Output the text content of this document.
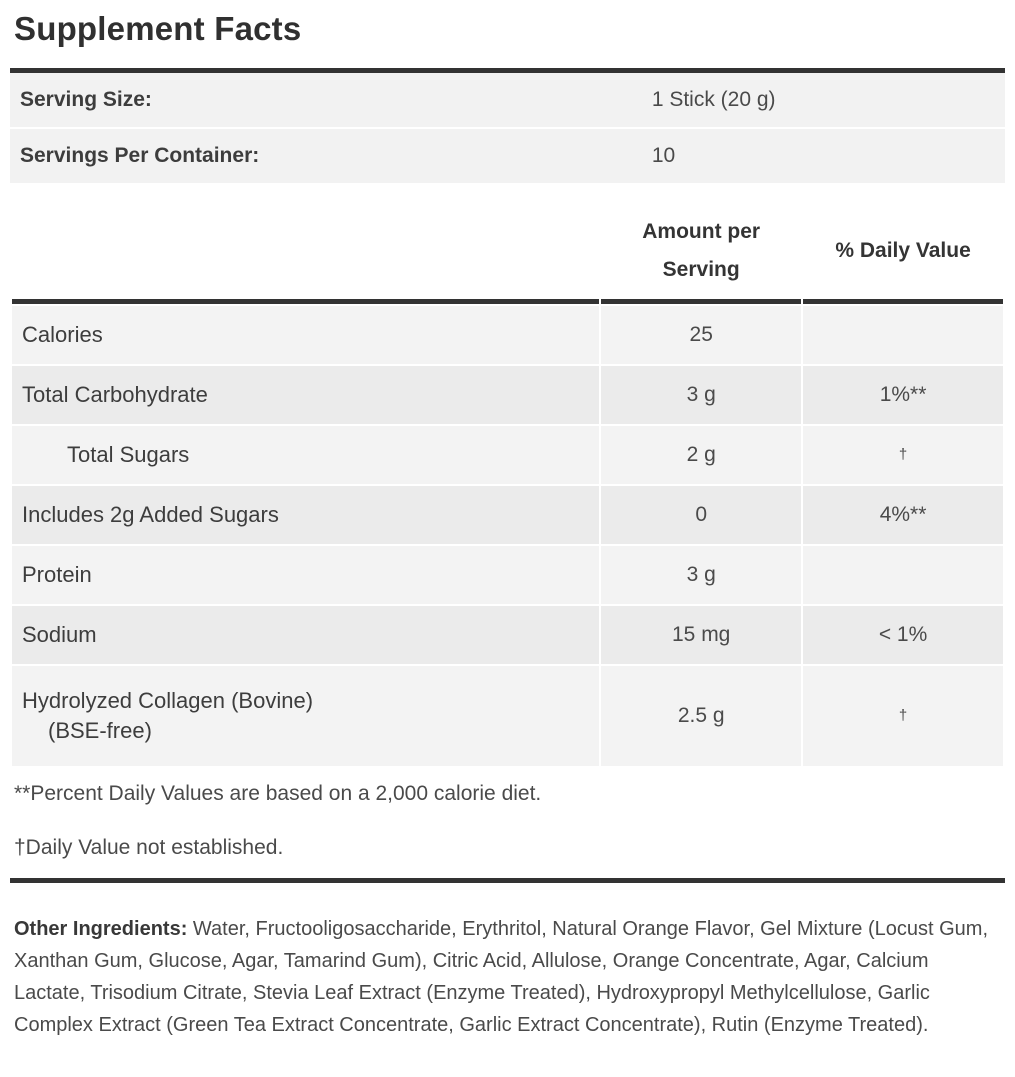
Supplement Facts
Serving Size:	1 Stick (20 g)
Servings Per Container:	10
	Amount per Serving	% Daily Value
Calories	25	
Total Carbohydrate	3 g	1%**
Total Sugars	2 g	†
Includes 2g Added Sugars	0	4%**
Protein	3 g	
Sodium	15 mg	< 1%

Hydrolyzed Collagen (Bovine)
(BSE-free)	2.5 g	†

**Percent Daily Values are based on a 2,000 calorie diet.

†Daily Value not established.

Other Ingredients: Water, Fructooligosaccharide, Erythritol, Natural Orange Flavor, Gel Mixture (Locust Gum, Xanthan Gum, Glucose, Agar, Tamarind Gum), Citric Acid, Allulose, Orange Concentrate, Agar, Calcium Lactate, Trisodium Citrate, Stevia Leaf Extract (Enzyme Treated), Hydroxypropyl Methylcellulose, Garlic Complex Extract (Green Tea Extract Concentrate, Garlic Extract Concentrate), Rutin (Enzyme Treated).
